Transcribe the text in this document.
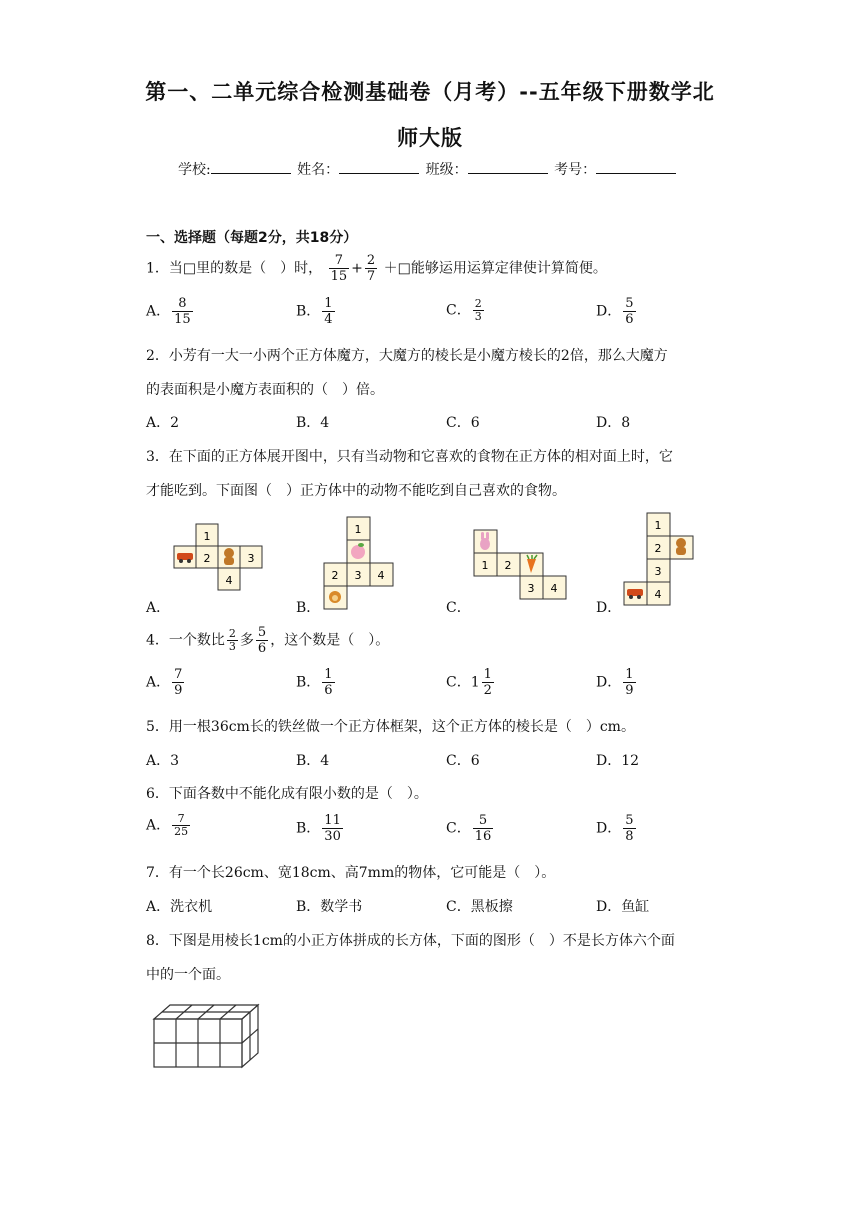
第一、二单元综合检测基础卷（月考）--五年级下册数学北
师大版
学校:	姓名：	班级：	考号：
一、选择题（每题2分，共18分）
1．当□里的数是（　）时， $\frac{7}{15} + \frac{2}{7}$ ＋□能够运用运算定律使计算简便。
A． $\frac{8}{15}$	B． $\frac{1}{4}$	C． $\frac{2}{3}$	D． $\frac{5}{6}$
2．小芳有一大一小两个正方体魔方，大魔方的棱长是小魔方棱长的2倍，那么大魔方
的表面积是小魔方表面积的（　）倍。
A．2	B．4	C．6	D．8
3．在下面的正方体展开图中，只有当动物和它喜欢的食物在正方体的相对面上时，它
才能吃到。下面图（　）正方体中的动物不能吃到自己喜欢的食物。
1
2	3
4
1
2 3 4
1 2
3 4
1
2
3
4
A．	B．	C．	D．
4．一个数比 $\frac{2}{3}$ 多 $\frac{5}{6}$ ，这个数是（　）。
A． $\frac{7}{9}$	B． $\frac{1}{6}$	C．$1 \frac{1}{2}$	D． $\frac{1}{9}$
5．用一根36cm长的铁丝做一个正方体框架，这个正方体的棱长是（　）cm。
A．3	B．4	C．6	D．12
6．下面各数中不能化成有限小数的是（　）。
A． $\frac{7}{25}$	B． $\frac{11}{30}$	C． $\frac{5}{16}$	D． $\frac{5}{8}$
7．有一个长26cm、宽18cm、高7mm的物体，它可能是（　）。
A．洗衣机	B．数学书	C．黑板擦	D．鱼缸
8．下图是用棱长1cm的小正方体拼成的长方体，下面的图形（　）不是长方体六个面
中的一个面。
